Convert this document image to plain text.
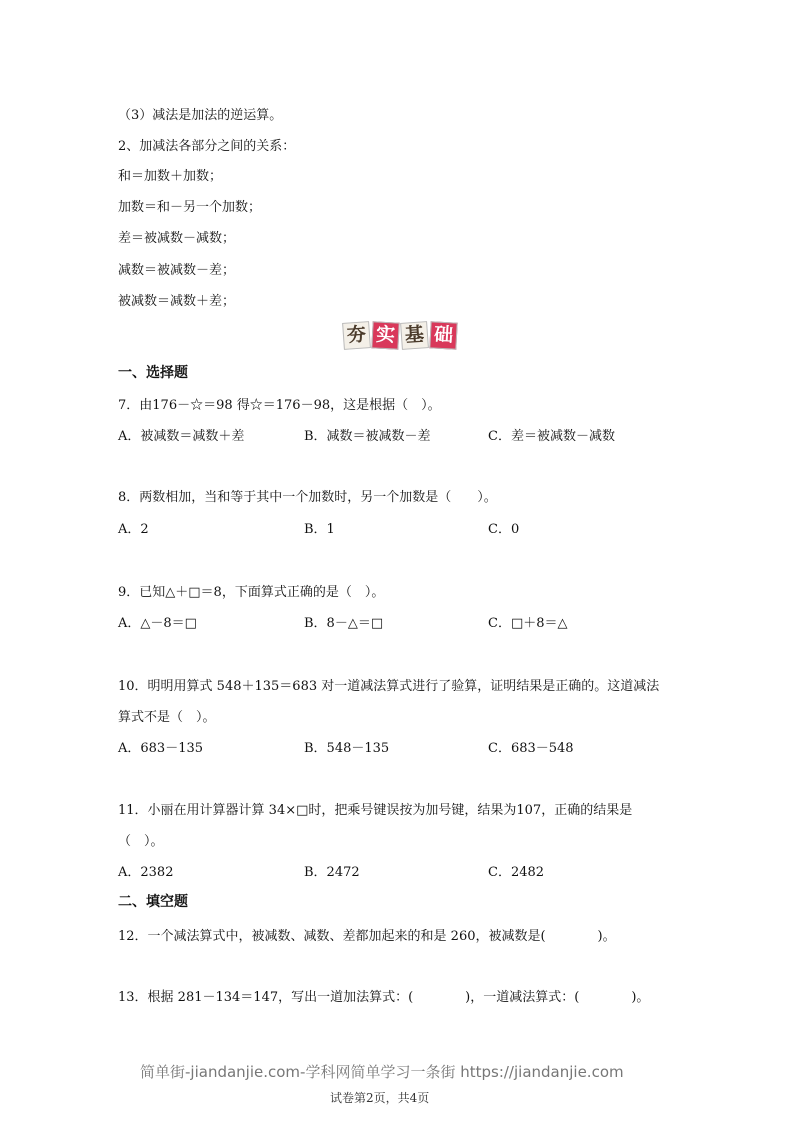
（3）减法是加法的逆运算。
2、加减法各部分之间的关系：
和＝加数＋加数；
加数＝和－另一个加数；
差＝被减数－减数；
减数＝被减数－差；
被减数＝减数＋差；
夯 实 基 础
一、选择题
7．由176－☆＝98 得☆＝176－98，这是根据（　）。
A．被减数＝减数＋差	B．减数＝被减数－差	C．差＝被减数－减数
8．两数相加，当和等于其中一个加数时，另一个加数是（　　）。
A．2	B．1	C．0
9．已知△＋□＝8，下面算式正确的是（　）。
A．△－8＝□	B．8－△＝□	C．□＋8＝△
10．明明用算式 548＋135＝683 对一道减法算式进行了验算，证明结果是正确的。这道减法
算式不是（　）。
A．683－135	B．548－135	C．683－548
11．小丽在用计算器计算 34×□时，把乘号键误按为加号键，结果为107，正确的结果是
（　）。
A．2382	B．2472	C．2482
二、填空题
12．一个减法算式中，被减数、减数、差都加起来的和是 260，被减数是(　　　　)。
13．根据 281－134＝147，写出一道加法算式：(　　　　)，一道减法算式：(　　　　)。
简单街-jiandanjie.com-学科网简单学习一条街 https://jiandanjie.com
试卷第2页，共4页
